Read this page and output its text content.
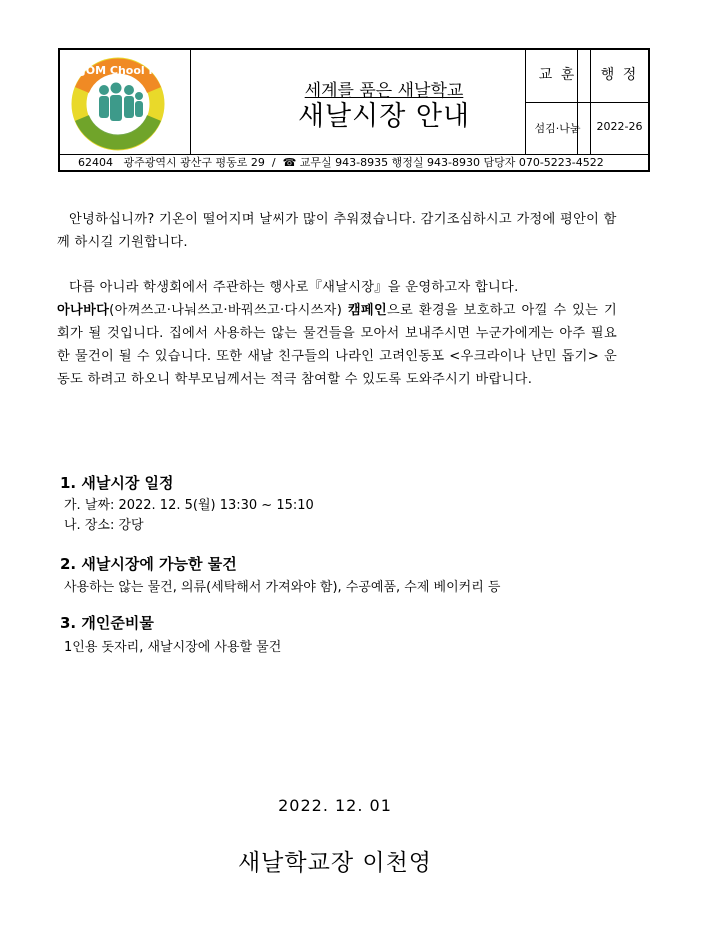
SPLJOM Chool NeW
세계를 품은 새날학교
새날시장 안내
교 훈	행 정
섬김·나눔	2022-26
62404 광주광역시 광산구 평동로 29 / ☎ 교무실 943-8935 행정실 943-8930 담당자 070-5223-4522

안녕하십니까? 기온이 떨어지며 날씨가 많이 추워졌습니다. 감기조심하시고 가정에 평안이 함께 하시길 기원합니다.

다름 아니라 학생회에서 주관하는 행사로『새날시장』을 운영하고자 합니다.

아나바다(아껴쓰고·나눠쓰고·바꿔쓰고·다시쓰자) 캠페인으로 환경을 보호하고 아낄 수 있는 기회가 될 것입니다. 집에서 사용하는 않는 물건들을 모아서 보내주시면 누군가에게는 아주 필요한 물건이 될 수 있습니다. 또한 새날 친구들의 나라인 고려인동포 <우크라이나 난민 돕기> 운동도 하려고 하오니 학부모님께서는 적극 참여할 수 있도록 도와주시기 바랍니다.

1. 새날시장 일정
가. 날짜: 2022. 12. 5(월) 13:30 ~ 15:10
나. 장소: 강당
2. 새날시장에 가능한 물건
사용하는 않는 물건, 의류(세탁해서 가져와야 함), 수공예품, 수제 베이커리 등
3. 개인준비물
1인용 돗자리, 새날시장에 사용할 물건
2022. 12. 01
새날학교장 이천영
